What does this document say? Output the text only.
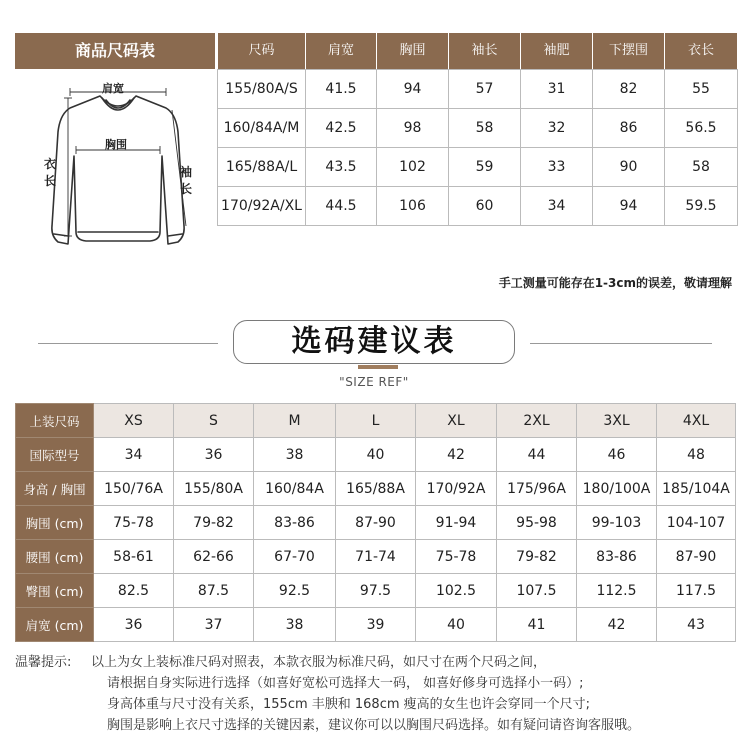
商品尺码表	尺码	肩宽	胸围	袖长	袖肥	下摆围	衣长
肩宽
胸围
衣
长
袖
长
155/80A/S	41.5	94	57	31	82	55
160/84A/M	42.5	98	58	32	86	56.5
165/88A/L	43.5	102	59	33	90	58
170/92A/XL	44.5	106	60	34	94	59.5
手工测量可能存在1-3cm的误差，敬请理解
选码建议表
"SIZE REF"
上装尺码	XS	S	M	L	XL	2XL	3XL	4XL
国际型号	34	36	38	40	42	44	46	48
身高 / 胸围	150/76A	155/80A	160/84A	165/88A	170/92A	175/96A	180/100A	185/104A
胸围 (cm)	75-78	79-82	83-86	87-90	91-94	95-98	99-103	104-107
腰围 (cm)	58-61	62-66	67-70	71-74	75-78	79-82	83-86	87-90
臀围 (cm)	82.5	87.5	92.5	97.5	102.5	107.5	112.5	117.5
肩宽 (cm)	36	37	38	39	40	41	42	43
温馨提示: 以上为女上装标准尺码对照表，本款衣服为标准尺码，如尺寸在两个尺码之间，
请根据自身实际进行选择（如喜好宽松可选择大一码， 如喜好修身可选择小一码）;
身高体重与尺寸没有关系，155cm 丰腴和 168cm 瘦高的女生也许会穿同一个尺寸;
胸围是影响上衣尺寸选择的关键因素，建议你可以以胸围尺码选择。如有疑问请咨询客服哦。
